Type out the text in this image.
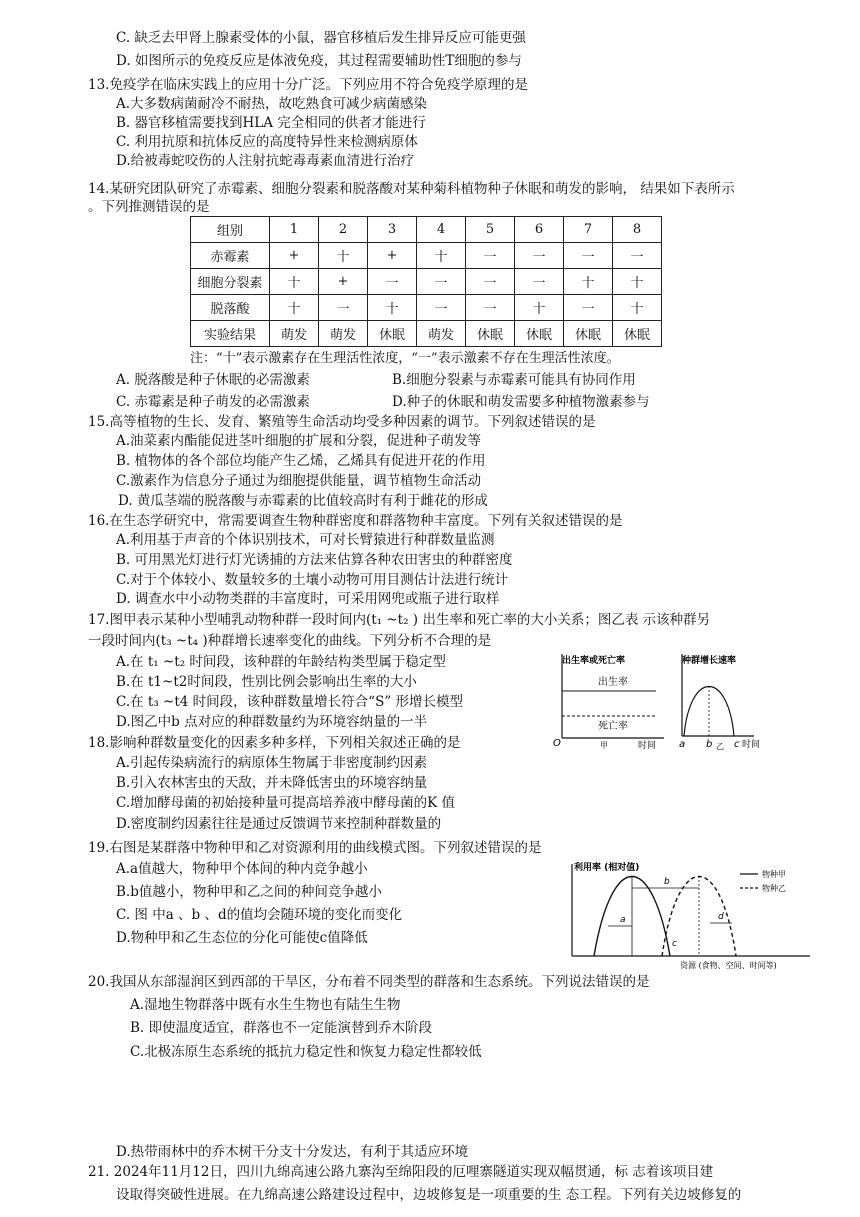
C. 缺乏去甲肾上腺素受体的小鼠，器官移植后发生排异反应可能更强
D. 如图所示的免疫反应是体液免疫，其过程需要辅助性T细胞的参与
13.免疫学在临床实践上的应用十分广泛。下列应用不符合免疫学原理的是
A.大多数病菌耐冷不耐热，故吃熟食可减少病菌感染
B. 器官移植需要找到HLA 完全相同的供者才能进行
C. 利用抗原和抗体反应的高度特异性来检测病原体
D.给被毒蛇咬伤的人注射抗蛇毒毒素血清进行治疗
14.某研究团队研究了赤霉素、细胞分裂素和脱落酸对某种菊科植物种子休眠和萌发的影响， 结果如下表所示
。下列推测错误的是
组别	1	2	3	4	5	6	7	8
赤霉素	+	十	+	十	一	一	一	一
细胞分裂素	十	+	一	一	一	一	十	十
脱落酸	十	一	十	一	一	十	一	十
实验结果	萌发	萌发	休眠	萌发	休眠	休眠	休眠	休眠
注：“十”表示激素存在生理活性浓度，“一”表示激素不存在生理活性浓度。
A. 脱落酸是种子休眠的必需激素	B.细胞分裂素与赤霉素可能具有协同作用
C. 赤霉素是种子萌发的必需激素	D.种子的休眠和萌发需要多种植物激素参与
15.高等植物的生长、发育、繁殖等生命活动均受多种因素的调节。下列叙述错误的是
A.油菜素内酯能促进茎叶细胞的扩展和分裂，促进种子萌发等
B. 植物体的各个部位均能产生乙烯，乙烯具有促进开花的作用
C.激素作为信息分子通过为细胞提供能量，调节植物生命活动
D. 黄瓜茎端的脱落酸与赤霉素的比值较高时有利于雌花的形成
16.在生态学研究中，常需要调查生物种群密度和群落物种丰富度。下列有关叙述错误的是
A.利用基于声音的个体识别技术，可对长臂猿进行种群数量监测
B. 可用黑光灯进行灯光诱捕的方法来估算各种农田害虫的种群密度
C.对于个体较小、数量较多的土壤小动物可用目测估计法进行统计
D. 调查水中小动物类群的丰富度时，可采用网兜或瓶子进行取样
17.图甲表示某种小型哺乳动物种群一段时间内(t₁ ~t₂ ) 出生率和死亡率的大小关系；图乙表 示该种群另
一段时间内(t₃ ~t₄ )种群增长速率变化的曲线。下列分析不合理的是
A.在 t₁ ~t₂ 时间段，该种群的年龄结构类型属于稳定型
B.在 t1~t2时间段，性别比例会影响出生率的大小
C.在 t₃ ~t4 时间段，该种群数量增长符合“S” 形增长模型
D.图乙中b 点对应的种群数量约为环境容纳量的一半
出生率或死亡率
出生率
死亡率
O	甲	时间
种群增长速率
a b 乙 c 时间
18.影响种群数量变化的因素多种多样，下列相关叙述正确的是
A.引起传染病流行的病原体生物属于非密度制约因素
B.引入农林害虫的天敌，并未降低害虫的环境容纳量
C.增加酵母菌的初始接种量可提高培养液中酵母菌的K 值
D.密度制约因素往往是通过反馈调节来控制种群数量的
19.右图是某群落中物种甲和乙对资源利用的曲线模式图。下列叙述错误的是
A.a值越大，物种甲个体间的种内竞争越小
B.b值越小，物种甲和乙之间的种间竞争越小
C. 图 中a 、b 、d的值均会随环境的变化而变化
D.物种甲和乙生态位的分化可能使c值降低
利用率 (相对值)
物种甲
物种乙
a
b
c
d
资源 (食物、空间、时间等)
20.我国从东部湿润区到西部的干旱区，分布着不同类型的群落和生态系统。下列说法错误的是
A.湿地生物群落中既有水生生物也有陆生生物
B. 即使温度适宜，群落也不一定能演替到乔木阶段
C.北极冻原生态系统的抵抗力稳定性和恢复力稳定性都较低
D.热带雨林中的乔木树干分支十分发达，有利于其适应环境
21. 2024年11月12日，四川九绵高速公路九寨沟至绵阳段的厄哩寨隧道实现双幅贯通，标 志着该项目建
设取得突破性进展。在九绵高速公路建设过程中，边坡修复是一项重要的生 态工程。下列有关边坡修复的
